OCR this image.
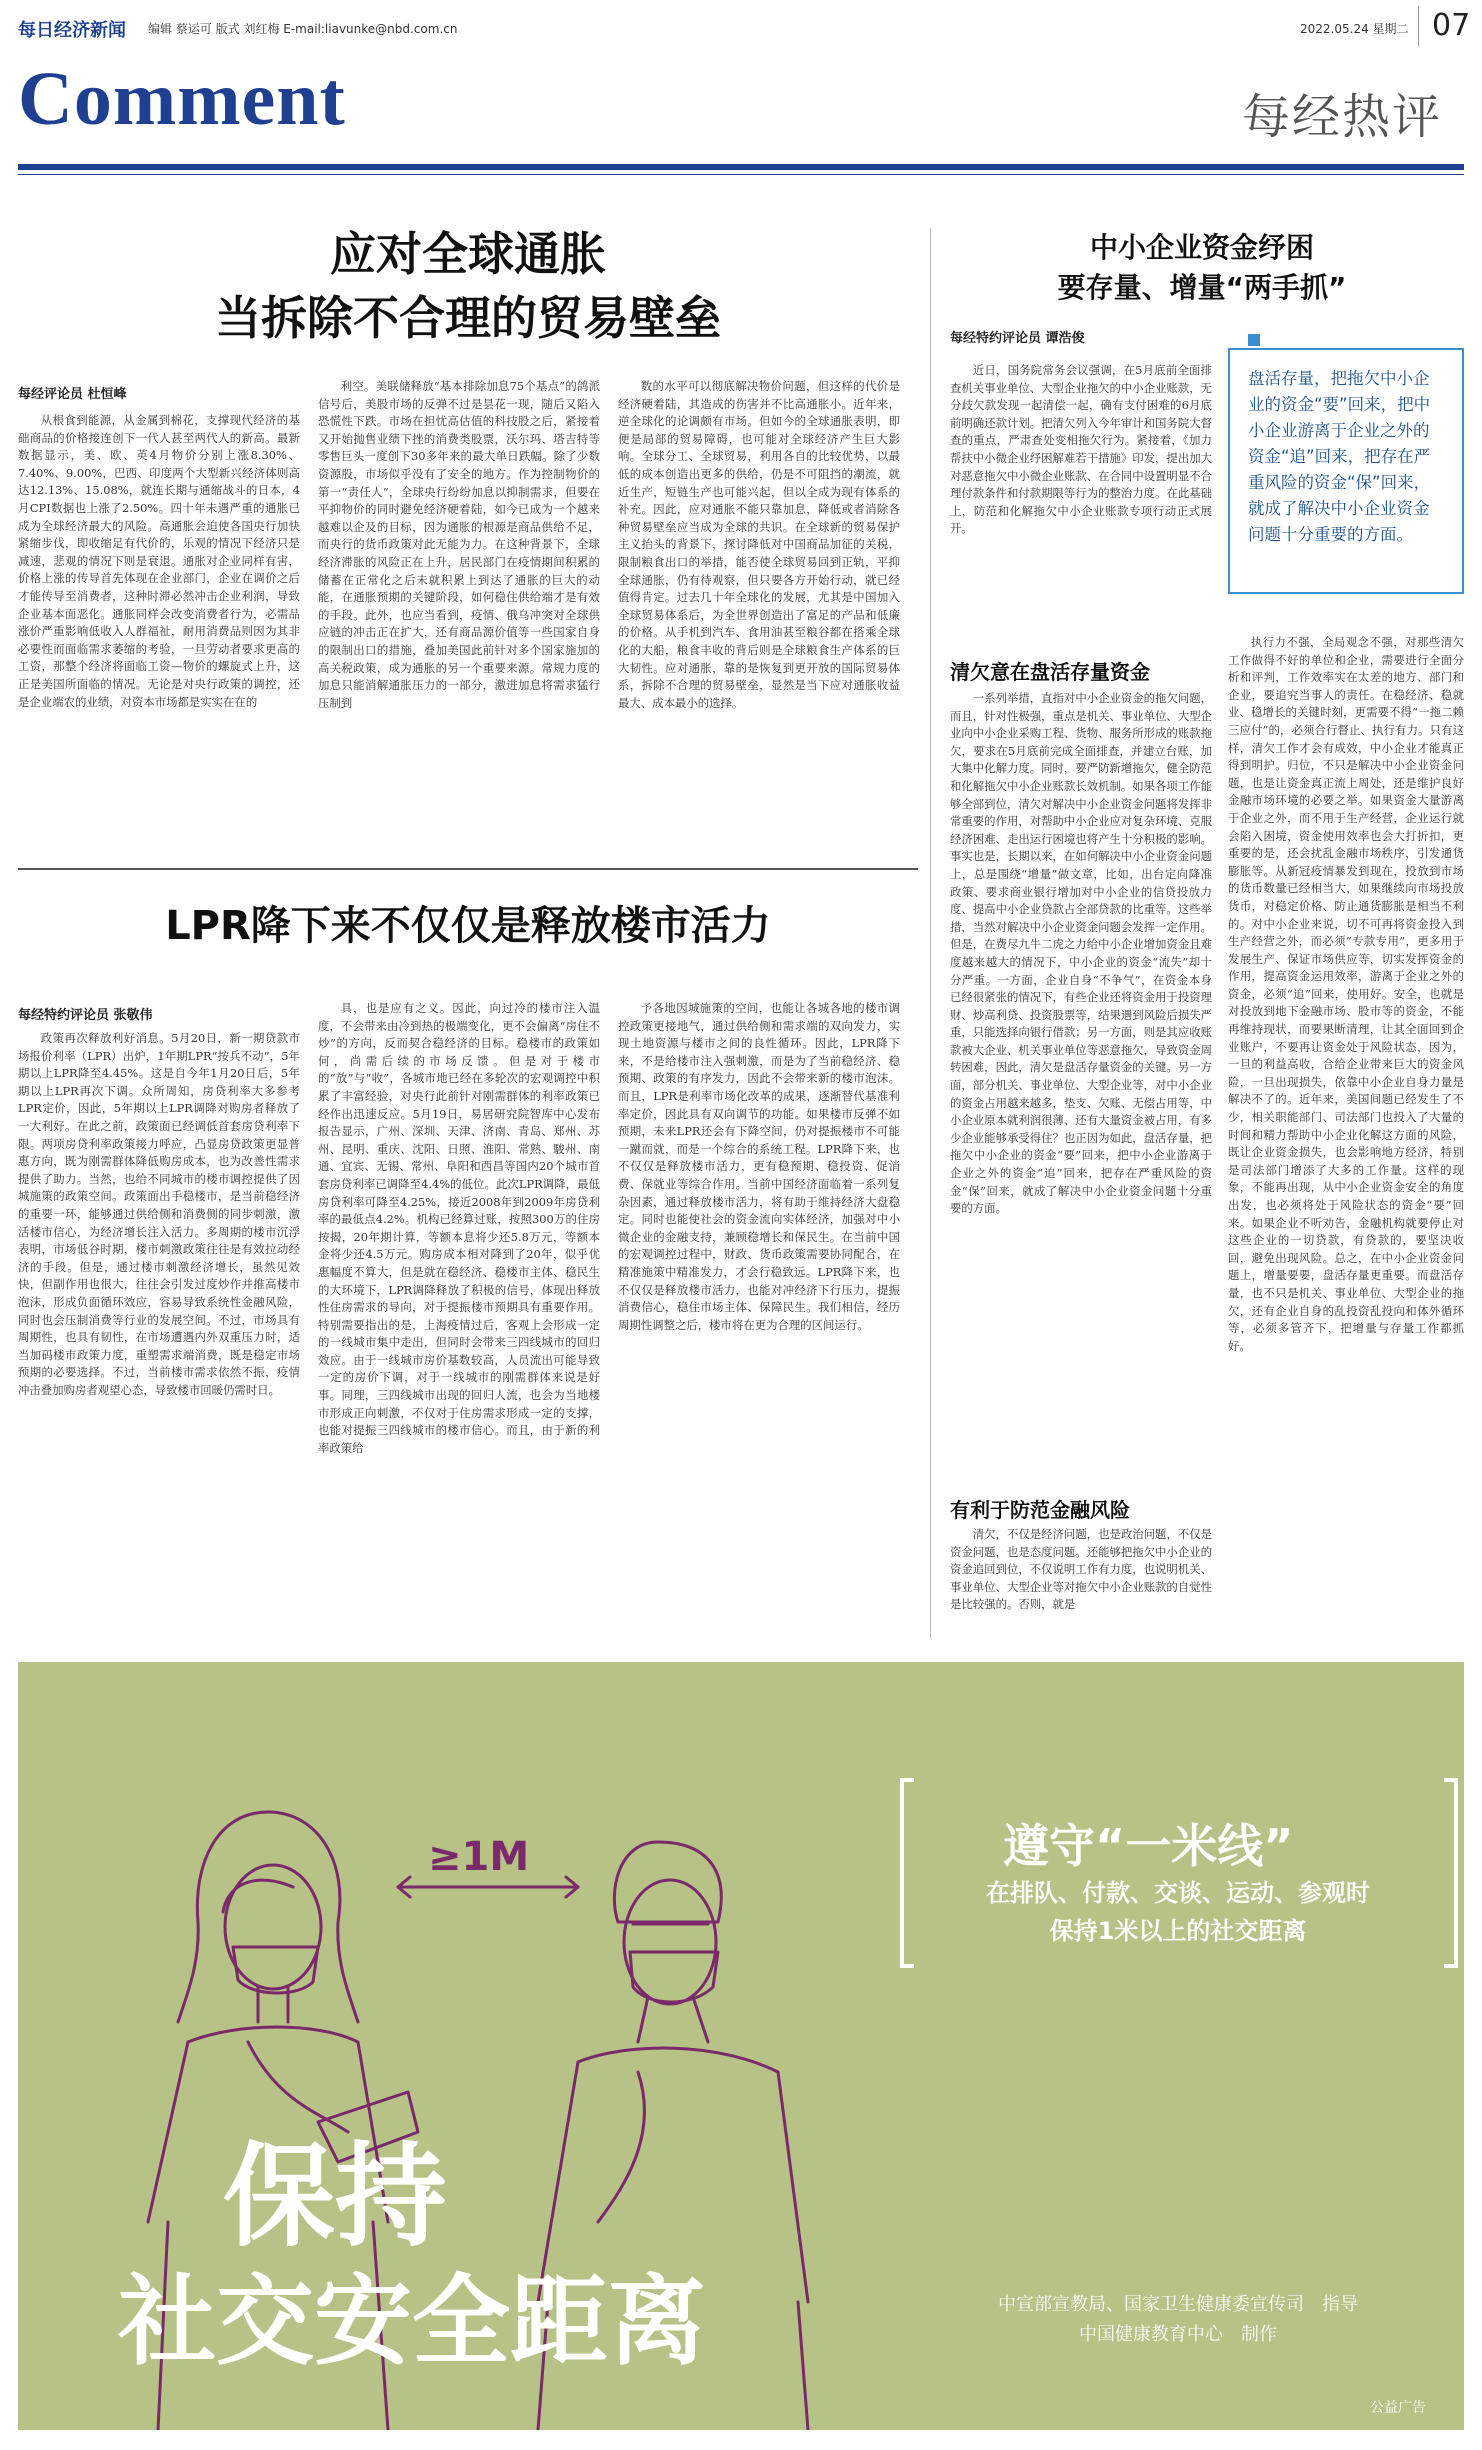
每日经济新闻 编辑 蔡运可 版式 刘红梅 E-mail:liavunke@nbd.com.cn	2022.05.24 星期二 07
Comment	每经热评
应对全球通胀
当拆除不合理的贸易壁垒
每经评论员 杜恒峰

从根食到能源，从金属到棉花，支撑现代经济的基础商品的价格接连创下一代人甚至两代人的新高。最新数据显示，美、欧、英4月物价分别上涨8.30%、7.40%、9.00%，巴西、印度两个大型新兴经济体则高达12.13%、15.08%，就连长期与通缩战斗的日本，4月CPI数据也上涨了2.50%。四十年未遇严重的通胀已成为全球经济最大的风险。高通胀会迫使各国央行加快紧缩步伐，即收缩足有代价的，乐观的情况下经济只是减速，悲观的情况下则是衰退。通胀对企业同样有害，价格上涨的传导首先体现在企业部门，企业在调价之后才能传导至消费者，这种时滞必然冲击企业利润，导致企业基本面恶化。通胀同样会改变消费者行为，必需品涨价严重影响低收入人群福祉，耐用消费品则因为其非必要性而面临需求萎缩的考验，一旦劳动者要求更高的工资，那整个经济将面临工资—物价的螺旋式上升，这正是美国所面临的情况。无论是对央行政策的调控，还是企业端农的业绩，对资本市场都是实实在在的

利空。美联储释放“基本排除加息75个基点”的鸽派信号后，美股市场的反弹不过是昙花一现，随后又陷入恐慌性下跌。市场在担忧高估值的科技股之后，紧接着又开始抛售业绩下挫的消费类股票，沃尔玛、塔吉特等零售巨头一度创下30多年来的最大单日跌幅。除了少数资源股，市场似乎没有了安全的地方。作为控制物价的第一“责任人”，全球央行纷纷加息以抑制需求，但要在平抑物价的同时避免经济硬着陆，如今已成为一个越来越难以企及的目标，因为通胀的根源是商品供给不足，而央行的货币政策对此无能为力。在这种背景下，全球经济滞胀的风险正在上升，居民部门在疫情期间积累的储蓄在正常化之后未就积累上到达了通胀的巨大的动能，在通胀预期的关键阶段，如何稳住供给端才是有效的手段。此外，也应当看到，疫情、俄乌冲突对全球供应链的冲击正在扩大，还有商品源价值等一些国家自身的限制出口的措施，叠加美国此前针对多个国家施加的高关税政策，成为通胀的另一个重要来源。常规力度的加息只能消解通胀压力的一部分，激进加息将需求猛行压制到

数的水平可以彻底解决物价问题，但这样的代价是经济硬着陆，其造成的伤害并不比高通胀小。近年来，逆全球化的论调颇有市场。但如今的全球通胀表明，即便是局部的贸易障碍，也可能对全球经济产生巨大影响。全球分工、全球贸易，利用各自的比较优势，以最低的成本创造出更多的供给，仍是不可阻挡的潮流，就近生产，短链生产也可能兴起，但以全成为现有体系的补充。因此，应对通胀不能只靠加息，降低或者消除各种贸易壁垒应当成为全球的共识。在全球新的贸易保护主义抬头的背景下，探讨降低对中国商品加征的关税，限制粮食出口的举措，能否使全球贸易回到正轨，平抑全球通胀，仍有待观察，但只要各方开始行动，就已经值得肯定。过去几十年全球化的发展，尤其是中国加入全球贸易体系后，为全世界创造出了富足的产品和低廉的价格。从手机到汽车、食用油甚至粮谷都在搭乘全球化的大船，粮食丰收的背后则是全球粮食生产体系的巨大韧性。应对通胀，靠的是恢复到更开放的国际贸易体系，拆除不合理的贸易壁垒，显然是当下应对通胀收益最大、成本最小的选择。

LPR降下来不仅仅是释放楼市活力
每经特约评论员 张敬伟

政策再次释放利好消息。5月20日，新一期贷款市场报价利率（LPR）出炉，1年期LPR“按兵不动”，5年期以上LPR降至4.45%。这是自今年1月20日后，5年期以上LPR再次下调。众所周知，房贷利率大多参考LPR定价，因此，5年期以上LPR调降对购房者释放了一大利好。在此之前，政策面已经调低首套房贷利率下限。两项房贷利率政策接力呼应，凸显房贷政策更显普惠方向，既为刚需群体降低购房成本，也为改善性需求提供了助力。当然，也给不同城市的楼市调控提供了因城施策的政策空间。政策面出手稳楼市，是当前稳经济的重要一环，能够通过供给侧和消费侧的同步刺激，激活楼市信心，为经济增长注入活力。多周期的楼市沉浮表明，市场低谷时期，楼市刺激政策往往是有效拉动经济的手段。但是，通过楼市刺激经济增长，虽然见效快，但副作用也很大，往往会引发过度炒作并推高楼市泡沫，形成负面循环效应，容易导致系统性金融风险，同时也会压制消费等行业的发展空间。不过，市场具有周期性，也具有韧性，在市场遭遇内外双重压力时，适当加码楼市政策力度，重塑需求端消费，既是稳定市场预期的必要选择。不过，当前楼市需求依然不振，疫情冲击叠加购房者观望心态，导致楼市回暖仍需时日。

具，也是应有之义。因此，向过冷的楼市注入温度，不会带来由冷到热的极端变化，更不会偏离“房住不炒”的方向，反而契合稳经济的目标。稳楼市的政策如何，尚需后续的市场反馈。但是对于楼市的“放”与“收”，各城市地已经在多轮次的宏观调控中积累了丰富经验，对央行此前针对刚需群体的利率政策已经作出迅速反应。5月19日，易居研究院智库中心发布报告显示，广州、深圳、天津、济南、青岛、郑州、苏州、昆明、重庆、沈阳、日照、淮阳、常熟、駿州、南通、宜宾、无锡、常州、阜阳和西昌等国内20个城市首套房贷利率已调降至4.4%的低位。此次LPR调降，最低房贷利率可降至4.25%，接近2008年到2009年房贷利率的最低点4.2%。机构已经算过账，按照300万的住房按揭，20年期计算，等额本息将少还5.8万元，等额本金将少还4.5万元。购房成本相对降到了20年，似乎优惠幅度不算大，但是就在稳经济、稳楼市主体、稳民生的大环境下，LPR调降释放了积极的信号，体现出释放性住房需求的导向，对于提振楼市预期具有重要作用。特别需要指出的是，上海疫情过后，客观上会形成一定的一线城市集中走出，但同时会带来三四线城市的回归效应。由于一线城市房价基数较高，人员流出可能导致一定的房价下调，对于一线城市的刚需群体来说是好事。同理，三四线城市出现的回归人流，也会为当地楼市形成正向刺激，不仅对于住房需求形成一定的支撑，也能对提振三四线城市的楼市信心。而且，由于新的利率政策给

予各地因城施策的空间，也能让各城各地的楼市调控政策更接地气，通过供给侧和需求端的双向发力，实现土地资源与楼市之间的良性循环。因此，LPR降下来，不是给楼市注入强刺激，而是为了当前稳经济、稳预期、政策的有序发力，因此不会带来新的楼市泡沫。而且，LPR是利率市场化改革的成果，逐渐替代基准利率定价，因此具有双向调节的功能。如果楼市反弹不如预期，未来LPR还会有下降空间，仍对提振楼市不可能一蹴而就，而是一个综合的系统工程。LPR降下来，也不仅仅是释放楼市活力，更有稳预期、稳投资、促消费、保就业等综合作用。当前中国经济面临着一系列复杂因素，通过释放楼市活力，将有助于维持经济大盘稳定。同时也能使社会的资金流向实体经济，加强对中小微企业的金融支持，兼顾稳增长和保民生。在当前中国的宏观调控过程中，财政、货币政策需要协同配合，在精准施策中精准发力，才会行稳致远。LPR降下来，也不仅仅是释放楼市活力，也能对冲经济下行压力，提振消费信心，稳住市场主体、保障民生。我们相信，经历周期性调整之后，楼市将在更为合理的区间运行。

中小企业资金纾困
要存量、增量“两手抓”
每经特约评论员 谭浩俊

近日，国务院常务会议强调，在5月底前全面排查机关事业单位、大型企业拖欠的中小企业账款，无分歧欠款发现一起清偿一起，确有支付困难的6月底前明确还款计划。把清欠列入今年审计和国务院大督查的重点，严肃查处变相拖欠行为。紧接着，《加力帮扶中小微企业纾困解难若干措施》印发，提出加大对恶意拖欠中小微企业账款、在合同中设置明显不合理付款条件和付款期限等行为的整治力度。在此基础上，防范和化解拖欠中小企业账款专项行动正式展开。

盘活存量，把拖欠中小企业的资金“要”回来，把中小企业游离于企业之外的资金“追”回来，把存在严重风险的资金“保”回来，就成了解决中小企业资金问题十分重要的方面。
清欠意在盘活存量资金

一系列举措，直指对中小企业资金的拖欠问题，而且，针对性极强，重点是机关、事业单位、大型企业向中小企业采购工程、货物、服务所形成的账款拖欠，要求在5月底前完成全面排查，并建立台账，加大集中化解力度。同时，要严防新增拖欠，健全防范和化解拖欠中小企业账款长效机制。如果各项工作能够全部到位，清欠对解决中小企业资金问题将发挥非常重要的作用，对帮助中小企业应对复杂环境、克服经济困难、走出运行困境也将产生十分积极的影响。事实也是，长期以来，在如何解决中小企业资金问题上，总是围绕“增量”做文章，比如，出台定向降准政策、要求商业银行增加对中小企业的信贷投放力度、提高中小企业贷款占全部贷款的比重等。这些举措，当然对解决中小企业资金问题会发挥一定作用。但是，在费尽九牛二虎之力给中小企业增加资金且难度越来越大的情况下，中小企业的资金“流失”却十分严重。一方面，企业自身“不争气”，在资金本身已经很紧张的情况下，有些企业还将资金用于投资理财、炒高利贷、投资股票等，结果遇到风险后损失严重，只能选择向银行借款；另一方面，则是其应收账款被大企业、机关事业单位等恶意拖欠，导致资金周转困难，因此，清欠是盘活存量资金的关键。另一方面，部分机关、事业单位、大型企业等，对中小企业的资金占用越来越多，垫支、欠账、无偿占用等，中小企业原本就利润很薄、还有大量资金被占用，有多少企业能够承受得住？也正因为如此，盘活存量，把拖欠中小企业的资金“要”回来，把中小企业游离于企业之外的资金“追”回来，把存在严重风险的资金“保”回来，就成了解决中小企业资金问题十分重要的方面。

有利于防范金融风险

清欠，不仅是经济问题，也是政治问题，不仅是资金问题，也是态度问题。还能够把拖欠中小企业的资金追回到位，不仅说明工作有力度，也说明机关、事业单位、大型企业等对拖欠中小企业账款的自觉性是比较强的。否则，就是

执行力不强，全局观念不强，对那些清欠工作做得不好的单位和企业，需要进行全面分析和评判，工作效率实在太差的地方、部门和企业，要追究当事人的责任。在稳经济、稳就业、稳增长的关键时刻，更需要不得“一拖二赖三应付”的，必须合行督止、执行有力。只有这样，清欠工作才会有成效，中小企业才能真正得到明护。归位，不只是解决中小企业资金问题，也是让资金真正流上周处，还是维护良好金融市场环境的必要之举。如果资金大量游离于企业之外，而不用于生产经营，企业运行就会陷入困境，资金使用效率也会大打折扣，更重要的是，还会扰乱金融市场秩序，引发通货膨胀等。从新冠疫情暴发到现在，投放到市场的货币数量已经相当大，如果继续向市场投放货币，对稳定价格、防止通货膨胀是相当不利的。对中小企业来说，切不可再将资金投入到生产经营之外，而必须“专款专用”，更多用于发展生产、保证市场供应等，切实发挥资金的作用，提高资金运用效率，游离于企业之外的资金，必须“追”回来，使用好。安全，也就是对投放到地下金融市场、股市等的资金，不能再维持现状，而要果断清理，让其全面回到企业账户，不要再让资金处于风险状态，因为，一旦的利益高收，合给企业带来巨大的资金风险，一旦出现损失，依靠中小企业自身力量是解决不了的。近年来，美国间题已经发生了不少，相关职能部门、司法部门也投入了大量的时间和精力帮助中小企业化解这方面的风险，既让企业资金损失，也会影响地方经济，特别是司法部门增添了大多的工作量。这样的现象，不能再出现，从中小企业资金安全的角度出发，也必须将处于风险状态的资金“要”回来。如果企业不听劝告，金融机构就要停止对这些企业的一切贷款，有贷款的，要坚决收回，避免出现风险。总之，在中小企业资金问题上，增量要要，盘活存量更重要。而盘活存量，也不只是机关、事业单位、大型企业的拖欠，还有企业自身的乱投资乱投向和体外循环等，必须多管齐下，把增量与存量工作都抓好。

≥1M
保持
社交安全距离
遵守“一米线”
在排队、付款、交谈、运动、参观时
保持1米以上的社交距离
中宣部宣教局、国家卫生健康委宣传司　指导
中国健康教育中心　制作
公益广告
